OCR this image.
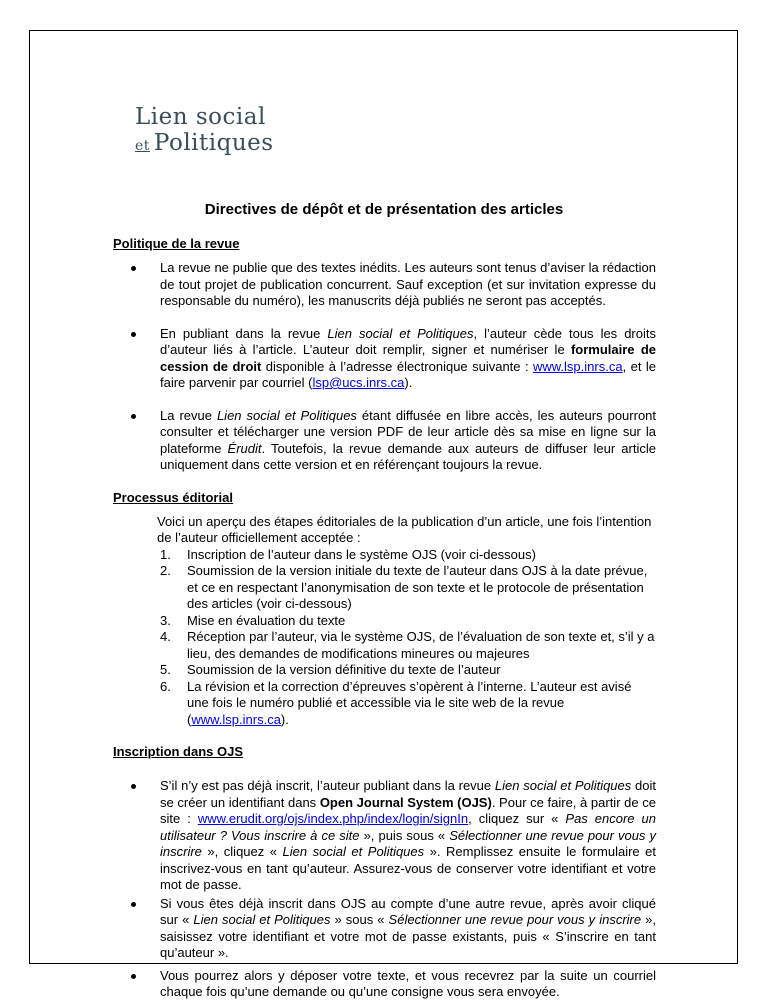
Lien social
et Politiques
Directives de dépôt et de présentation des articles
Politique de la revue
La revue ne publie que des textes inédits. Les auteurs sont tenus d’aviser la rédaction de tout projet de publication concurrent. Sauf exception (et sur invitation expresse du responsable du numéro), les manuscrits déjà publiés ne seront pas acceptés.
En publiant dans la revue Lien social et Politiques, l’auteur cède tous les droits d’auteur liés à l’article. L’auteur doit remplir, signer et numériser le formulaire de cession de droit disponible à l’adresse électronique suivante : www.lsp.inrs.ca, et le faire parvenir par courriel (lsp@ucs.inrs.ca).
La revue Lien social et Politiques étant diffusée en libre accès, les auteurs pourront consulter et télécharger une version PDF de leur article dès sa mise en ligne sur la plateforme Érudit. Toutefois, la revue demande aux auteurs de diffuser leur article uniquement dans cette version et en référençant toujours la revue.
Processus éditorial
Voici un aperçu des étapes éditoriales de la publication d’un article, une fois l’intention de l’auteur officiellement acceptée :
1. Inscription de l’auteur dans le système OJS (voir ci-dessous)
2. Soumission de la version initiale du texte de l’auteur dans OJS à la date prévue, et ce en respectant l’anonymisation de son texte et le protocole de présentation des articles (voir ci-dessous)
3. Mise en évaluation du texte
4. Réception par l’auteur, via le système OJS, de l’évaluation de son texte et, s’il y a lieu, des demandes de modifications mineures ou majeures
5. Soumission de la version définitive du texte de l’auteur
6. La révision et la correction d’épreuves s’opèrent à l’interne. L’auteur est avisé une fois le numéro publié et accessible via le site web de la revue (www.lsp.inrs.ca).
Inscription dans OJS
S’il n’y est pas déjà inscrit, l’auteur publiant dans la revue Lien social et Politiques doit se créer un identifiant dans Open Journal System (OJS). Pour ce faire, à partir de ce site : www.erudit.org/ojs/index.php/index/login/signIn, cliquez sur « Pas encore un utilisateur ? Vous inscrire à ce site », puis sous « Sélectionner une revue pour vous y inscrire », cliquez « Lien social et Politiques ». Remplissez ensuite le formulaire et inscrivez-vous en tant qu’auteur. Assurez-vous de conserver votre identifiant et votre mot de passe.
Si vous êtes déjà inscrit dans OJS au compte d’une autre revue, après avoir cliqué sur « Lien social et Politiques » sous « Sélectionner une revue pour vous y inscrire », saisissez votre identifiant et votre mot de passe existants, puis « S’inscrire en tant qu’auteur ».
Vous pourrez alors y déposer votre texte, et vous recevrez par la suite un courriel chaque fois qu’une demande ou qu’une consigne vous sera envoyée.
